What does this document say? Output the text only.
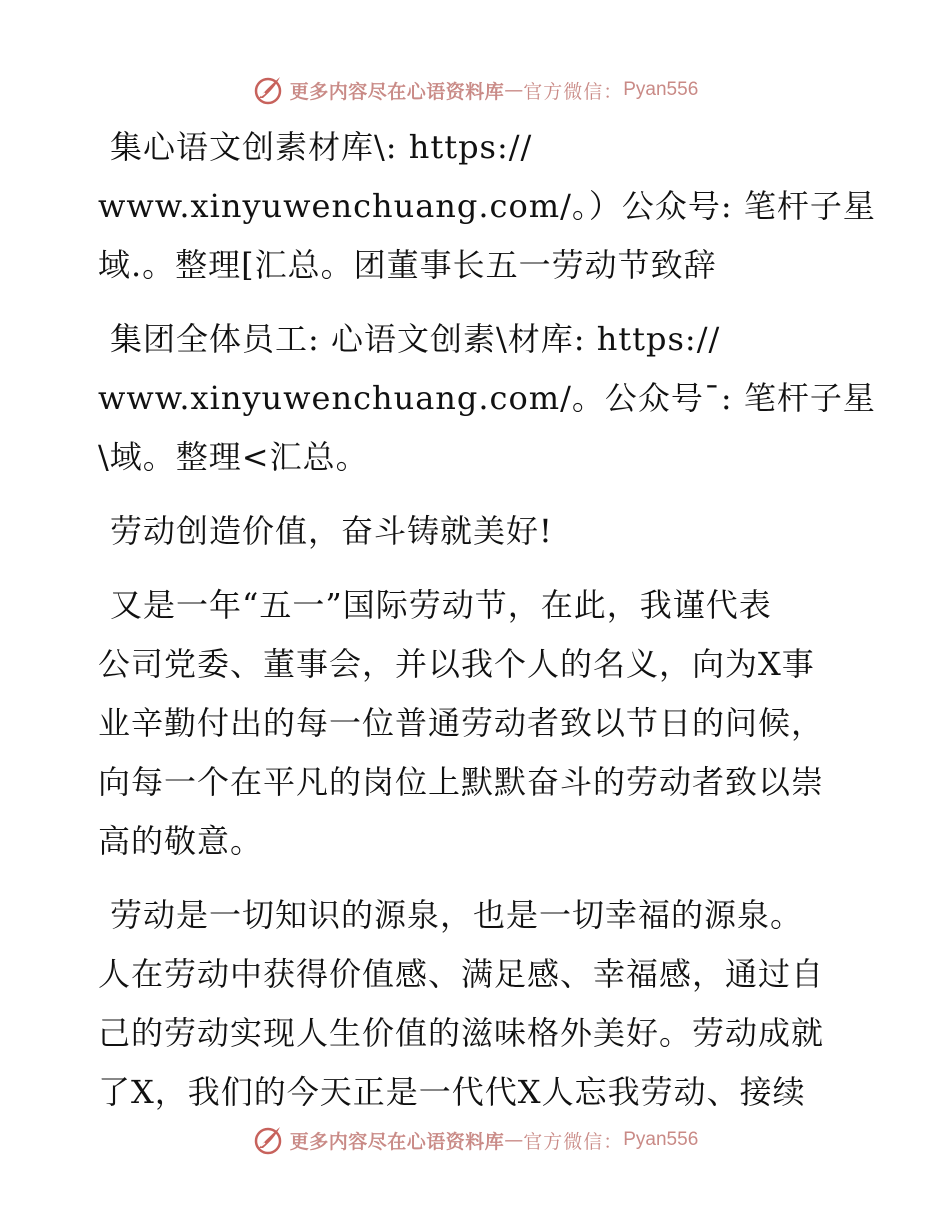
更多内容尽在心语资料库 — 官方微信： Pyan556

集心语文创素材库\: https://
www.xinyuwenchuang.com/。）公众号: 笔杆子星
域.。整理[汇总。团董事长五一劳动节致辞

集团全体员工: 心语文创素\材库: https://
www.xinyuwenchuang.com/。公众号¯: 笔杆子星
\域。整理<汇总。

劳动创造价值，奋斗铸就美好!

又是一年“五一”国际劳动节，在此，我谨代表
公司党委、董事会，并以我个人的名义，向为X事
业辛勤付出的每一位普通劳动者致以节日的问候，
向每一个在平凡的岗位上默默奋斗的劳动者致以崇
高的敬意。

劳动是一切知识的源泉，也是一切幸福的源泉。
人在劳动中获得价值感、满足感、幸福感，通过自
己的劳动实现人生价值的滋味格外美好。劳动成就
了X，我们的今天正是一代代X人忘我劳动、接续

更多内容尽在心语资料库 — 官方微信： Pyan556
